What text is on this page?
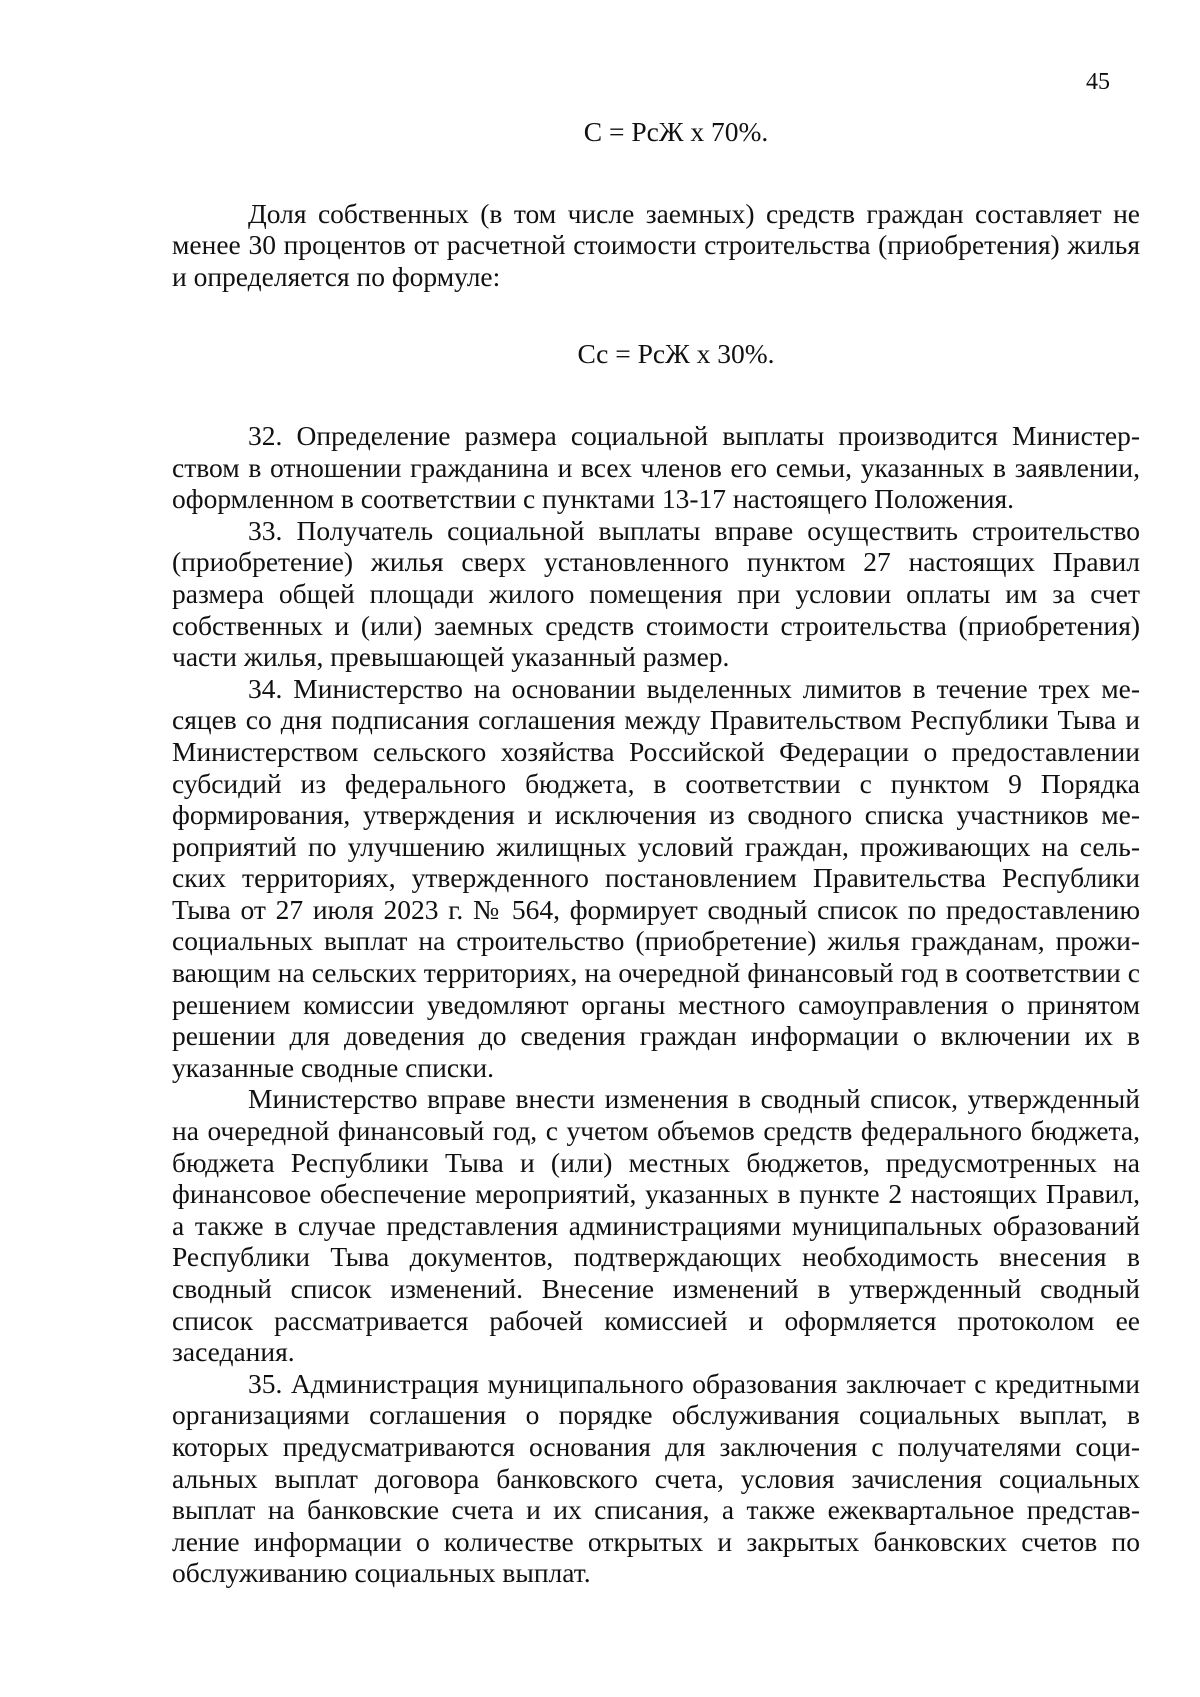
45

С = РсЖ х 70%.

Доля собственных (в том числе заемных) средств граждан составляет не менее 30 процентов от расчетной стоимости строительства (приобретения) жилья и определяется по формуле:

Сс = РсЖ х 30%.

32. Определение размера социальной выплаты производится Министерством в отношении гражданина и всех членов его семьи, указанных в заявлении, оформленном в соответствии с пунктами 13-17 настоящего Положения.

33. Получатель социальной выплаты вправе осуществить строительство (приобретение) жилья сверх установленного пунктом 27 настоящих Правил размера общей площади жилого помещения при условии оплаты им за счет собственных и (или) заемных средств стоимости строительства (приобретения) части жилья, превышающей указанный размер.

34. Министерство на основании выделенных лимитов в течение трех месяцев со дня подписания соглашения между Правительством Республики Тыва и Министерством сельского хозяйства Российской Федерации о предоставлении субсидий из федерального бюджета, в соответствии с пунктом 9 Порядка формирования, утверждения и исключения из сводного списка участников мероприятий по улучшению жилищных условий граждан, проживающих на сельских территориях, утвержденного постановлением Правительства Республики Тыва от 27 июля 2023 г. № 564, формирует сводный список по предоставлению социальных выплат на строительство (приобретение) жилья гражданам, проживающим на сельских территориях, на очередной финансовый год в соответствии с решением комиссии уведомляют органы местного самоуправления о принятом решении для доведения до сведения граждан информации о включении их в указанные сводные списки.

Министерство вправе внести изменения в сводный список, утвержденный на очередной финансовый год, с учетом объемов средств федерального бюджета, бюджета Республики Тыва и (или) местных бюджетов, предусмотренных на финансовое обеспечение мероприятий, указанных в пункте 2 настоящих Правил, а также в случае представления администрациями муниципальных образований Республики Тыва документов, подтверждающих необходимость внесения в сводный список изменений. Внесение изменений в утвержденный сводный список рассматривается рабочей комиссией и оформляется протоколом ее заседания.

35. Администрация муниципального образования заключает с кредитными организациями соглашения о порядке обслуживания социальных выплат, в которых предусматриваются основания для заключения с получателями социальных выплат договора банковского счета, условия зачисления социальных выплат на банковские счета и их списания, а также ежеквартальное представление информации о количестве открытых и закрытых банковских счетов по обслуживанию социальных выплат.
